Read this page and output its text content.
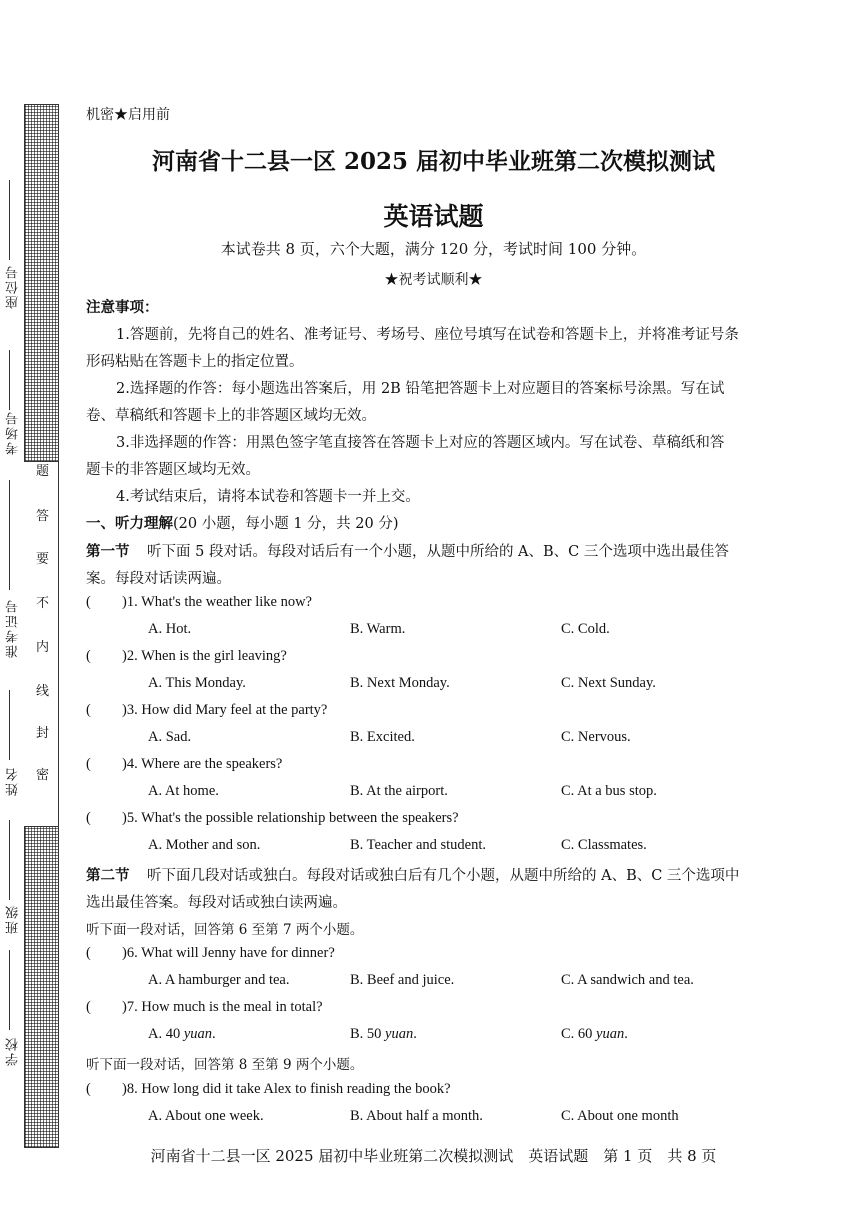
座位号
考场号
准考证号
姓名
班级
学校
题
答
要
不
内
线
封
密
机密★启用前
河南省十二县一区 2025 届初中毕业班第二次模拟测试
英语试题
本试卷共 8 页，六个大题，满分 120 分，考试时间 100 分钟。
★祝考试顺利★
注意事项：
1.答题前，先将自己的姓名、准考证号、考场号、座位号填写在试卷和答题卡上，并将准考证号条
形码粘贴在答题卡上的指定位置。
2.选择题的作答：每小题选出答案后，用 2B 铅笔把答题卡上对应题目的答案标号涂黑。写在试
卷、草稿纸和答题卡上的非答题区域均无效。
3.非选择题的作答：用黑色签字笔直接答在答题卡上对应的答题区域内。写在试卷、草稿纸和答
题卡的非答题区域均无效。
4.考试结束后，请将本试卷和答题卡一并上交。
一、听力理解(20 小题，每小题 1 分，共 20 分)
第一节 听下面 5 段对话。每段对话后有一个小题，从题中所给的 A、B、C 三个选项中选出最佳答
案。每段对话读两遍。
( )1. What's the weather like now?
A. Hot.	B. Warm.	C. Cold.
( )2. When is the girl leaving?
A. This Monday.	B. Next Monday.	C. Next Sunday.
( )3. How did Mary feel at the party?
A. Sad.	B. Excited.	C. Nervous.
( )4. Where are the speakers?
A. At home.	B. At the airport.	C. At a bus stop.
( )5. What's the possible relationship between the speakers?
A. Mother and son.	B. Teacher and student.	C. Classmates.
第二节 听下面几段对话或独白。每段对话或独白后有几个小题，从题中所给的 A、B、C 三个选项中
选出最佳答案。每段对话或独白读两遍。
听下面一段对话，回答第 6 至第 7 两个小题。
( )6. What will Jenny have for dinner?
A. A hamburger and tea.	B. Beef and juice.	C. A sandwich and tea.
( )7. How much is the meal in total?
A. 40 yuan.	B. 50 yuan.	C. 60 yuan.
听下面一段对话，回答第 8 至第 9 两个小题。
( )8. How long did it take Alex to finish reading the book?
A. About one week.	B. About half a month.	C. About one month
河南省十二县一区 2025 届初中毕业班第二次模拟测试　英语试题　第 1 页　共 8 页
